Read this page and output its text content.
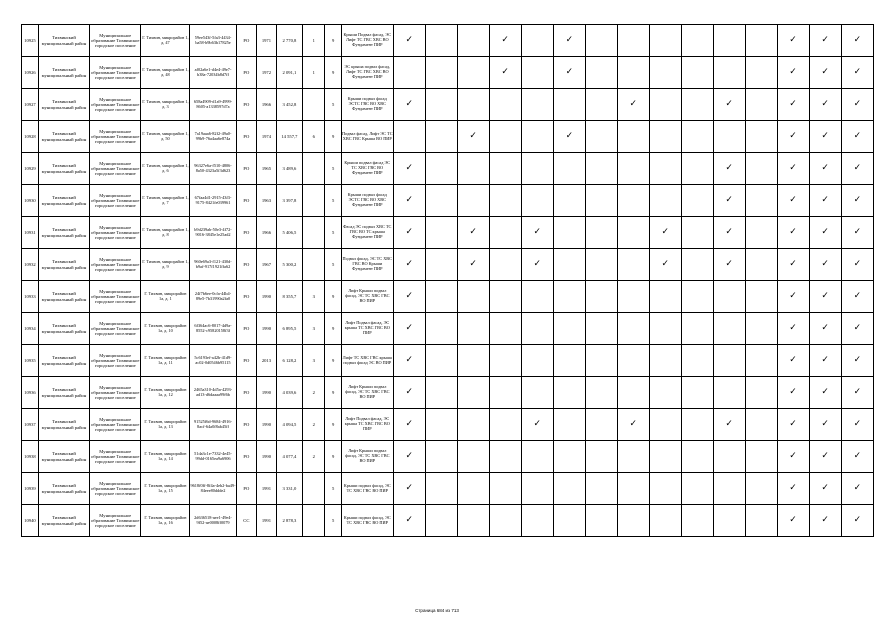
10925	Тихвинский муниципальный район	Муниципальное образование Тихвинское городское поселение	Г. Тихвин, микрорайон 1, д. 47	59ee543f-5fa3-4434-ba58-b9b63b17825e	РО	1971	2 770,8	1	9	Крыши Подвал фасад, ЭС Лифт ТС ГВС ХВС ВО Фундамент ПИР	✓			✓		✓							✓	✓	✓
10926	Тихвинский муниципальный район	Муниципальное образование Тихвинское городское поселение	Г. Тихвин, микрорайон 1, д. 48	af02a6e1-d4e4-49e7-b38a-72034b8d7ff	РО	1972	2 091,1	1	9	ЭС крыша подвал фасад, Лифт ТС ГВС ХВС ВО Фундамент ПИР				✓		✓							✓	✓	✓
10927	Тихвинский муниципальный район	Муниципальное образование Тихвинское городское поселение	Г. Тихвин, микрорайон 1, д. 3	658a4909-d1a9-4999-8605-a1338597d7a	РО	1966	3 452,8		5	Крыши подвал фасад ЭСТС ГВС ВО ХВС Фундамент ПИР	✓							✓			✓		✓	✓	✓
10928	Тихвинский муниципальный район	Муниципальное образование Тихвинское городское поселение	Г. Тихвин, микрорайон 1, д. 50	7a19aaa6-82f2-49a0-99b9-76a4aa6e874a	РО	1974	14 557,7	6	9	Подвал фасад, Лифт ЭС ТС ХВС ГВС Крыша ВО ПИР			✓			✓							✓	✓	✓
10929	Тихвинский муниципальный район	Муниципальное образование Тихвинское городское поселение	Г. Тихвин, микрорайон 1, д. 6	96327e6a-f510-4806-8a50-4323a5f3d623	РО	1965	3 489,6		5	Крыши подвал фасад ЭС ТС ХВС ГВС ВО Фундамент ПИР	✓										✓		✓	✓	✓
10930	Тихвинский муниципальный район	Муниципальное образование Тихвинское городское поселение	Г. Тихвин, микрорайон 1, д. 7	67faa4d1-2915-43f3-9175-8421fe039961	РО	1963	3 397,8		5	Крыши подвал фасад ЭСТС ГВС ВО ХВС Фундамент ПИР	✓										✓		✓	✓	✓
10931	Тихвинский муниципальный район	Муниципальное образование Тихвинское городское поселение	Г. Тихвин, микрорайон 1, д. 8	b9d239ab-50e3-4f72-9016-3845e1e25ad2	РО	1966	5 406,5		5	Фасад ЭС подвал ХВС ТС ГВС ВО ТС крыша Фундамент ПИР	✓		✓		✓				✓		✓		✓	✓	✓
10932	Тихвинский муниципальный район	Муниципальное образование Тихвинское городское поселение	Г. Тихвин, микрорайон 1, д. 9	960e69a3-f121-430d-b9af-917f1921ffa62	РО	1967	5 300,2		5	Подвал фасад, ЭС ТС ХВС ГВС ВО Крыши Фундамент ПИР	✓		✓		✓				✓		✓		✓	✓	✓
10933	Тихвинский муниципальный район	Муниципальное образование Тихвинское городское поселение	Г. Тихвин, микрорайон 1а, д. 1	24f7b6ee-0cfa-44b4-89e5-7b31990a2fa0	РО	1990	8 355,7	3	9	Лифт Крыши подвал фасад, ЭС ТС ХВС ГВС ВО ПИР	✓												✓	✓	✓
10934	Тихвинский муниципальный район	Муниципальное образование Тихвинское городское поселение	Г. Тихвин, микрорайон 1а, д. 10	6f364ac6-8017-4d9a-8552-c95820158f3f	РО	1990	6 895,5	3	9	Лифт Подвал фасад, ЭС крыша ТС ХВС ГВС ВО ПИР	✓												✓	✓	✓
10935	Тихвинский муниципальный район	Муниципальное образование Тихвинское городское поселение	Г. Тихвин, микрорайон 1а, д. 11	5c6193ef-a42b-41d9-ac02-0d0546b95115	РО	2013	6 128,2	3	9	Лифт ТС ХВС ГВС крыша подвал фасад ЭС ВО ПИР	✓												✓	✓	✓
10936	Тихвинский муниципальный район	Муниципальное образование Тихвинское городское поселение	Г. Тихвин, микрорайон 1а, д. 12	2465a310-4d5a-4293-ad13-d6daaaa99f6b	РО	1990	4 039,6	2	9	Лифт Крыши подвал фасад, ЭС ТС ХВС ГВС ВО ПИР	✓												✓	✓	✓
10937	Тихвинский муниципальный район	Муниципальное образование Тихвинское городское поселение	Г. Тихвин, микрорайон 1а, д. 13	91525f6d-9684-4916-8acf-64a0f8ab45ff	РО	1990	4 094,5	2	9	Лифт Подвал фасад, ЭС крыша ТС ХВС ГВС ВО ПИР	✓				✓			✓			✓		✓	✓	✓
10938	Тихвинский муниципальный район	Муниципальное образование Тихвинское городское поселение	Г. Тихвин, микрорайон 1а, д. 14	51da3c1e-7332-4e45-99dd-0165ea9a6906	РО	1990	4 077,4	2	9	Лифт Крыши подвал фасад, ЭС ТС ХВС ГВС ВО ПИР	✓												✓	✓	✓
10939	Тихвинский муниципальный район	Муниципальное образование Тихвинское городское поселение	Г. Тихвин, микрорайон 1а, д. 15	9618f0ff-8f4a-4eb2-ba49-84eee80ddde2	РО	1991	3 331,0		5	Крыши подвал фасад, ЭС ТС ХВС ГВС ВО ПИР	✓												✓	✓	✓
10940	Тихвинский муниципальный район	Муниципальное образование Тихвинское городское поселение	Г. Тихвин, микрорайон 1а, д. 16	2d636518-aee1-49e4-9f52-ae0008ff0079	СС	1991	2 878,3		5	Крыши подвал фасад, ЭС ТС ХВС ГВС ВО ПИР	✓												✓	✓	✓
Страница 684 из 713
